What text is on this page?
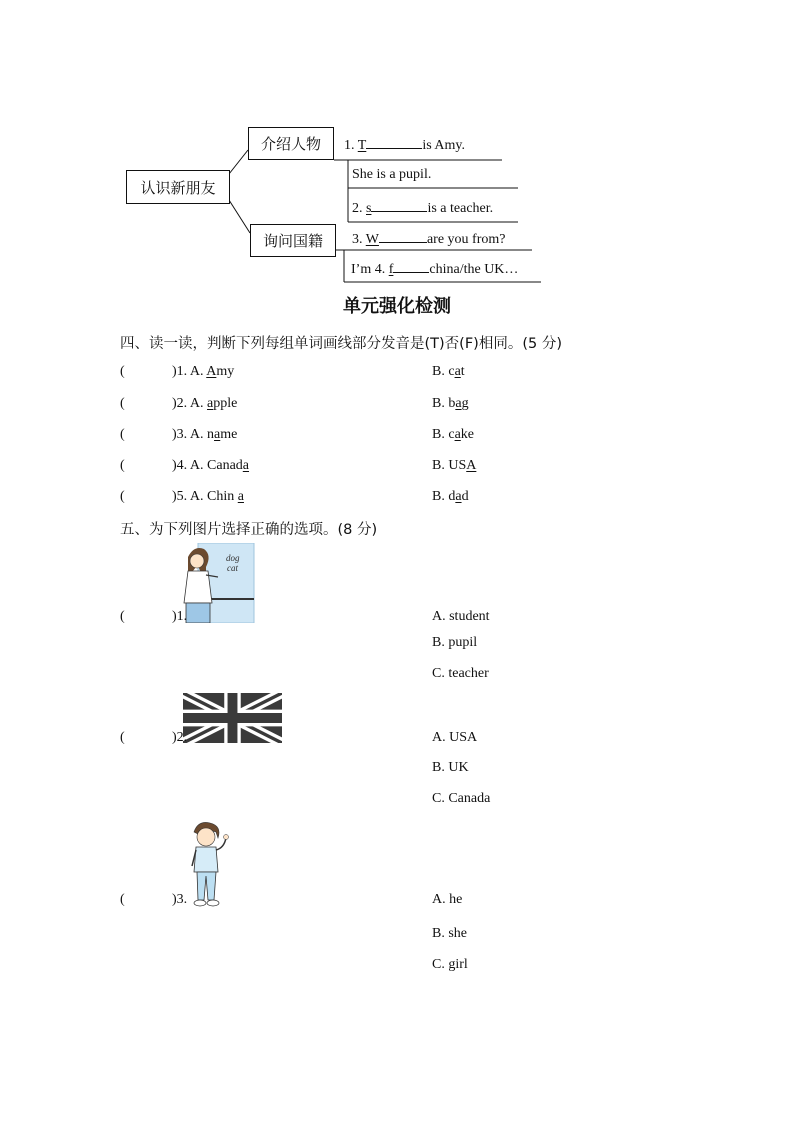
认识新朋友
介绍人物
询问国籍
1. T	is Amy.
She is a pupil.
2. s	is a teacher.
3. W	are you from?
I’m 4. f	china/the UK…
单元强化检测
四、读一读，判断下列每组单词画线部分发音是(T)否(F)相同。(5 分)
(	)1. A. Amy	B. cat
(	)2. A. apple	B. bag
(	)3. A. name	B. cake
(	)4. A. Canada	B. USA
(	)5. A. Chin a	B. dad
五、为下列图片选择正确的选项。(8 分)
dog
cat
(	)1.	A. student
B. pupil
C. teacher
(	)2.	A. USA
B. UK
C. Canada
(	)3.	A. he
B. she
C. girl
